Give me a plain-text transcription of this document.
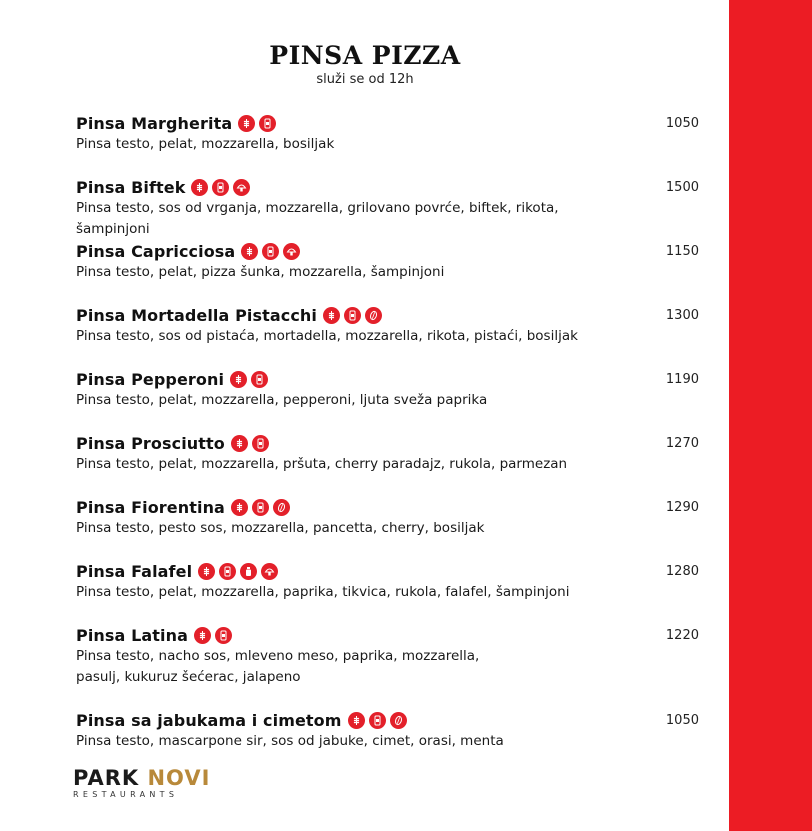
PINSA PIZZA
služi se od 12h
Pinsa Margherita	1050
Pinsa testo, pelat, mozzarella, bosiljak
Pinsa Biftek	1500
Pinsa testo, sos od vrganja, mozzarella, grilovano povrće, biftek, rikota, šampinjoni
Pinsa Capricciosa	1150
Pinsa testo, pelat, pizza šunka, mozzarella, šampinjoni
Pinsa Mortadella Pistacchi	1300
Pinsa testo, sos od pistaća, mortadella, mozzarella, rikota, pistaći, bosiljak
Pinsa Pepperoni	1190
Pinsa testo, pelat, mozzarella, pepperoni, ljuta sveža paprika
Pinsa Prosciutto	1270
Pinsa testo, pelat, mozzarella, pršuta, cherry paradajz, rukola, parmezan
Pinsa Fiorentina	1290
Pinsa testo, pesto sos, mozzarella, pancetta, cherry, bosiljak
Pinsa Falafel	1280
Pinsa testo, pelat, mozzarella, paprika, tikvica, rukola, falafel, šampinjoni
Pinsa Latina	1220
Pinsa testo, nacho sos, mleveno meso, paprika, mozzarella, pasulj, kukuruz šećerac, jalapeno
Pinsa sa jabukama i cimetom	1050
Pinsa testo, mascarpone sir, sos od jabuke, cimet, orasi, menta
PARK NOVI
RESTAURANTS
